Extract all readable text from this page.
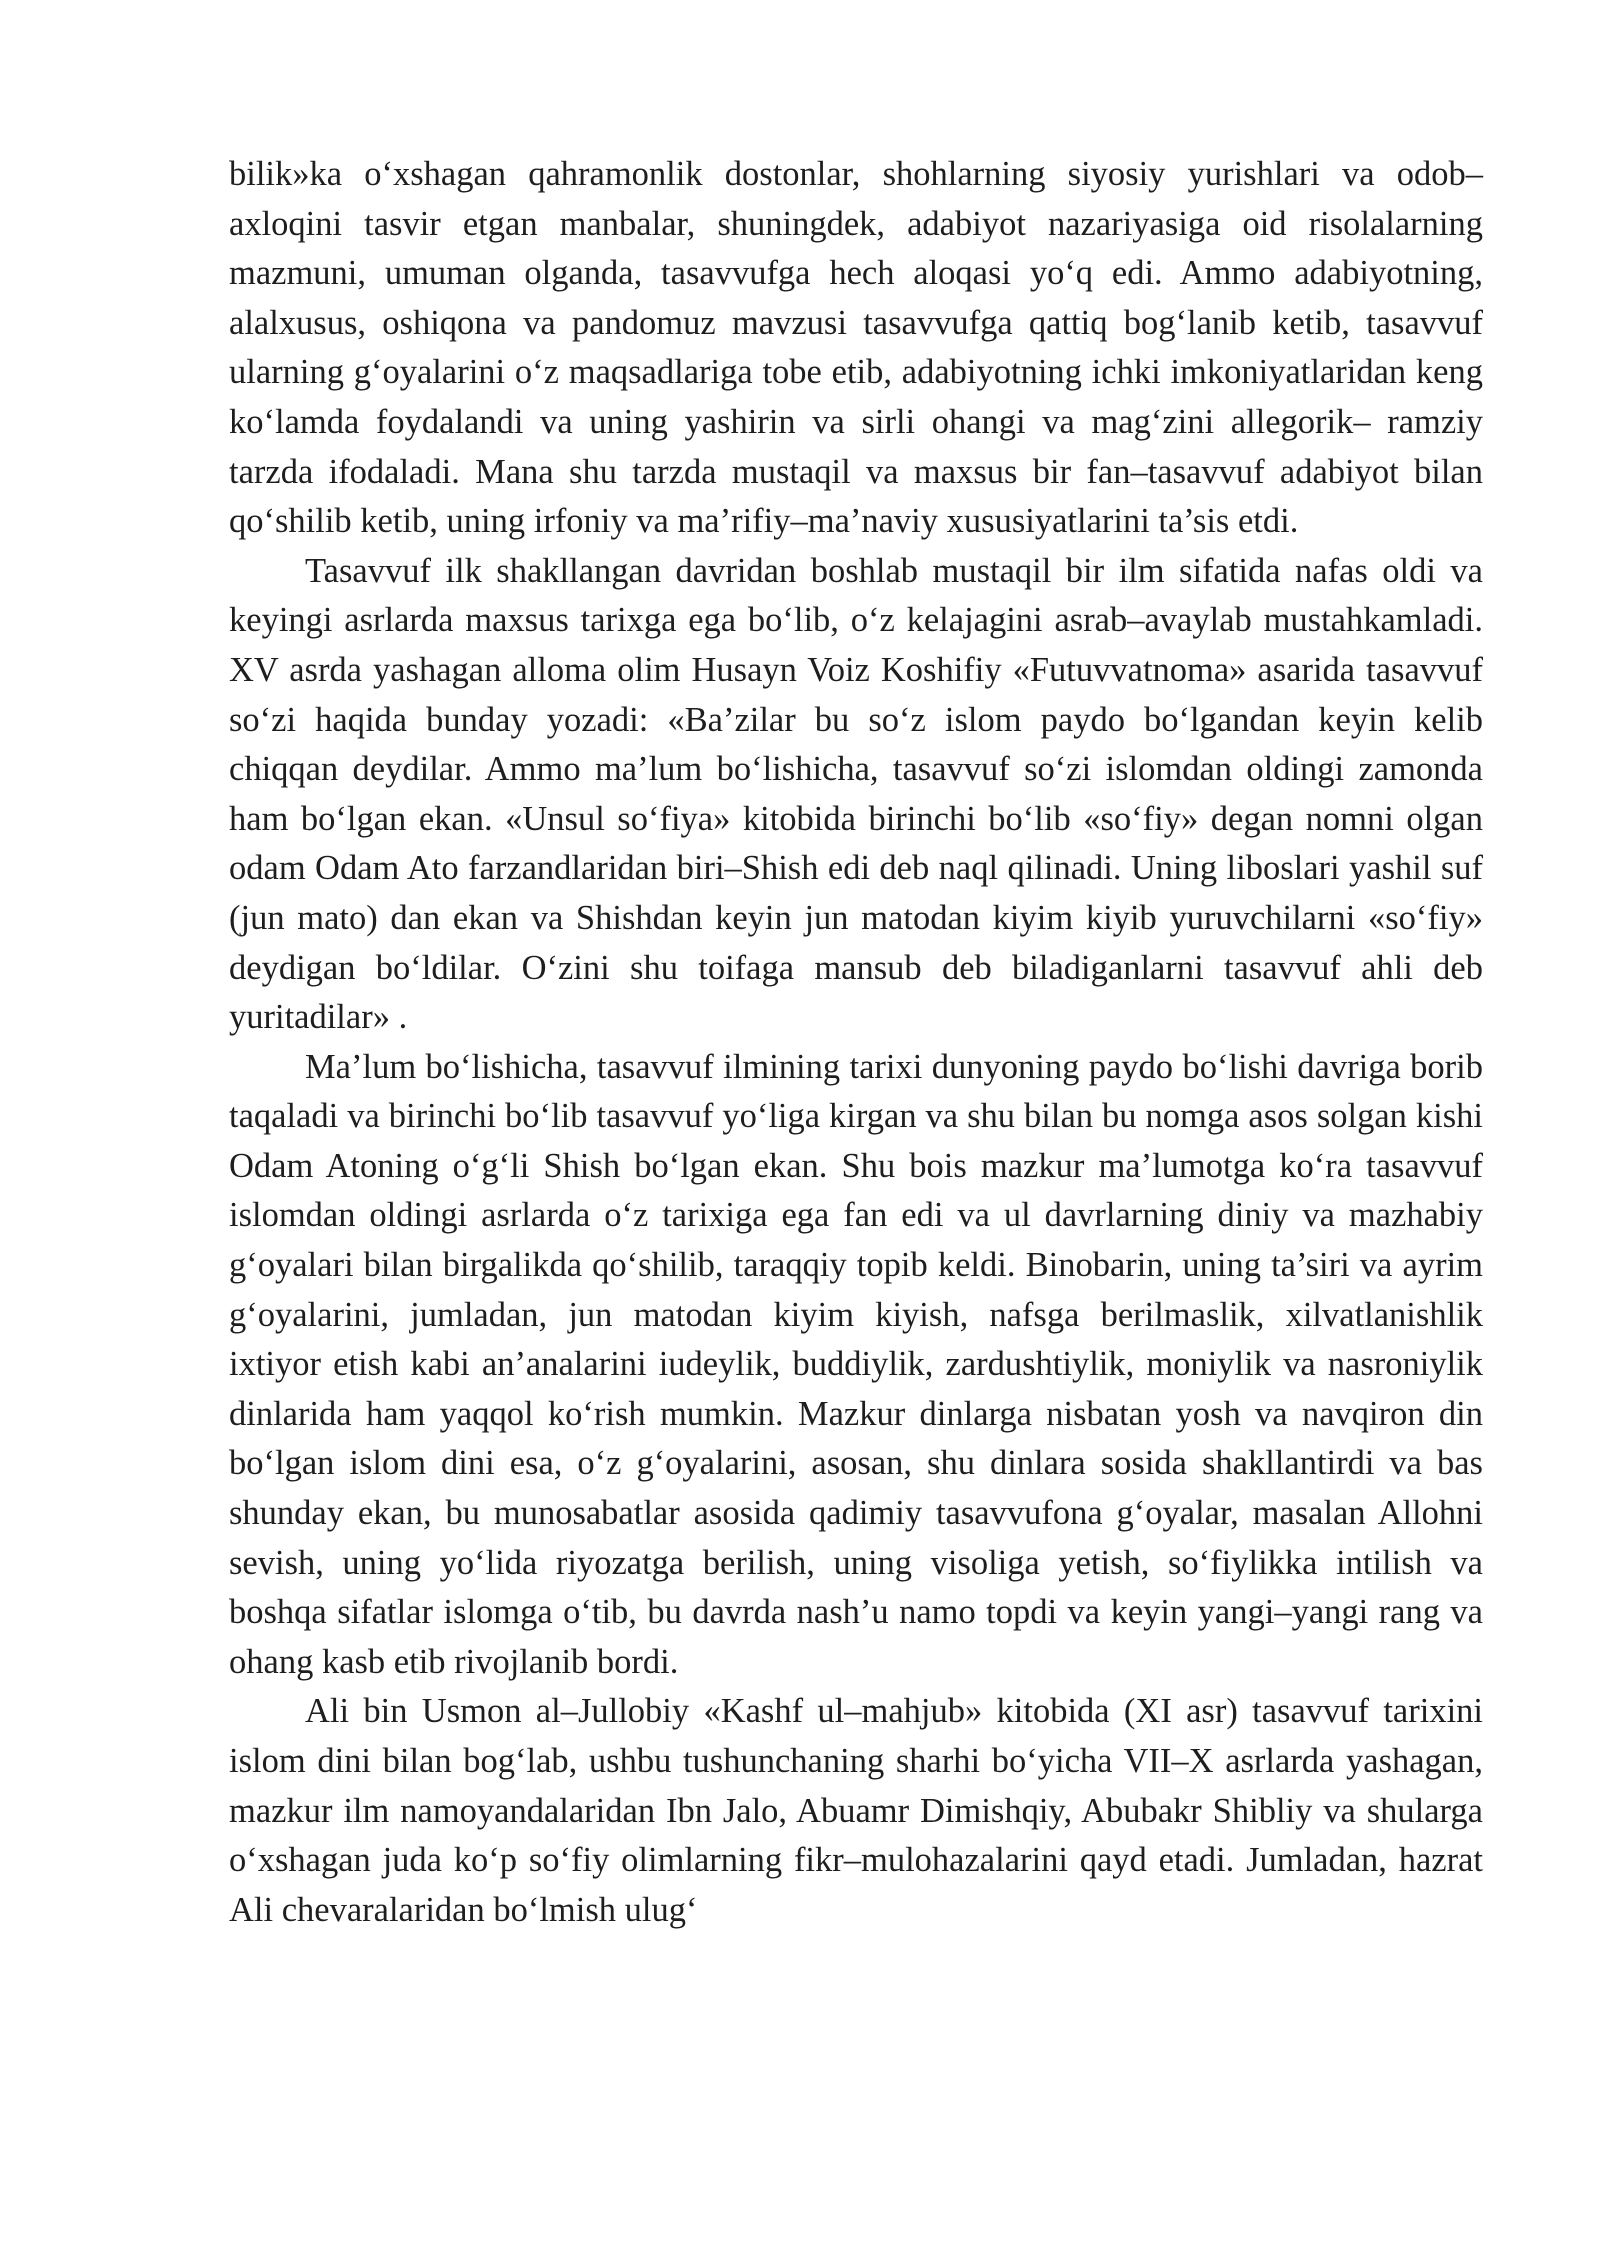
bilik»ka o‘xshagan qahramonlik dostonlar, shohlarning siyosiy yurishlari va odob–axloqini tasvir etgan manbalar, shuningdek, adabiyot nazariyasiga oid risolalarning mazmuni, umuman olganda, tasavvufga hech aloqasi yo‘q edi. Ammo adabiyotning, alalxusus, oshiqona va pandomuz mavzusi tasavvufga qattiq bog‘lanib ketib, tasavvuf ularning g‘oyalarini o‘z maqsadlariga tobe etib, adabiyotning ichki imkoniyatlaridan keng ko‘lamda foydalandi va uning yashirin va sirli ohangi va mag‘zini allegorik– ramziy tarzda ifodaladi. Mana shu tarzda mustaqil va maxsus bir fan–tasavvuf adabiyot bilan qo‘shilib ketib, uning irfoniy va ma’rifiy–ma’naviy xususiyatlarini ta’sis etdi.

Tasavvuf ilk shakllangan davridan boshlab mustaqil bir ilm sifatida nafas oldi va keyingi asrlarda maxsus tarixga ega bo‘lib, o‘z kelajagini asrab–avaylab mustahkamladi. XV asrda yashagan alloma olim Husayn Voiz Koshifiy «Futuvvatnoma» asarida tasavvuf so‘zi haqida bunday yozadi: «Ba’zilar bu so‘z islom paydo bo‘lgandan keyin kelib chiqqan deydilar. Ammo ma’lum bo‘lishicha, tasavvuf so‘zi islomdan oldingi zamonda ham bo‘lgan ekan. «Unsul so‘fiya» kitobida birinchi bo‘lib «so‘fiy» degan nomni olgan odam Odam Ato farzandlaridan biri–Shish edi deb naql qilinadi. Uning liboslari yashil suf (jun mato) dan ekan va Shishdan keyin jun matodan kiyim kiyib yuruvchilarni «so‘fiy» deydigan bo‘ldilar. O‘zini shu toifaga mansub deb biladiganlarni tasavvuf ahli deb yuritadilar» .

Ma’lum bo‘lishicha, tasavvuf ilmining tarixi dunyoning paydo bo‘lishi davriga borib taqaladi va birinchi bo‘lib tasavvuf yo‘liga kirgan va shu bilan bu nomga asos solgan kishi Odam Atoning o‘g‘li Shish bo‘lgan ekan. Shu bois mazkur ma’lumotga ko‘ra tasavvuf islomdan oldingi asrlarda o‘z tarixiga ega fan edi va ul davrlarning diniy va mazhabiy g‘oyalari bilan birgalikda qo‘shilib, taraqqiy topib keldi. Binobarin, uning ta’siri va ayrim g‘oyalarini, jumladan, jun matodan kiyim kiyish, nafsga berilmaslik, xilvatlanishlik ixtiyor etish kabi an’analarini iudeylik, buddiylik, zardushtiylik, moniylik va nasroniylik dinlarida ham yaqqol ko‘rish mumkin. Mazkur dinlarga nisbatan yosh va navqiron din bo‘lgan islom dini esa, o‘z g‘oyalarini, asosan, shu dinlara sosida shakllantirdi va bas shunday ekan, bu munosabatlar asosida qadimiy tasavvufona g‘oyalar, masalan Allohni sevish, uning yo‘lida riyozatga berilish, uning visoliga yetish, so‘fiylikka intilish va boshqa sifatlar islomga o‘tib, bu davrda nash’u namo topdi va keyin yangi–yangi rang va ohang kasb etib rivojlanib bordi.

Ali bin Usmon al–Jullobiy «Kashf ul–mahjub» kitobida (XI asr) tasavvuf tarixini islom dini bilan bog‘lab, ushbu tushunchaning sharhi bo‘yicha VII–X asrlarda yashagan, mazkur ilm namoyandalaridan Ibn Jalo, Abuamr Dimishqiy, Abubakr Shibliy va shularga o‘xshagan juda ko‘p so‘fiy olimlarning fikr–mulohazalarini qayd etadi. Jumladan, hazrat Ali chevaralaridan bo‘lmish ulug‘
